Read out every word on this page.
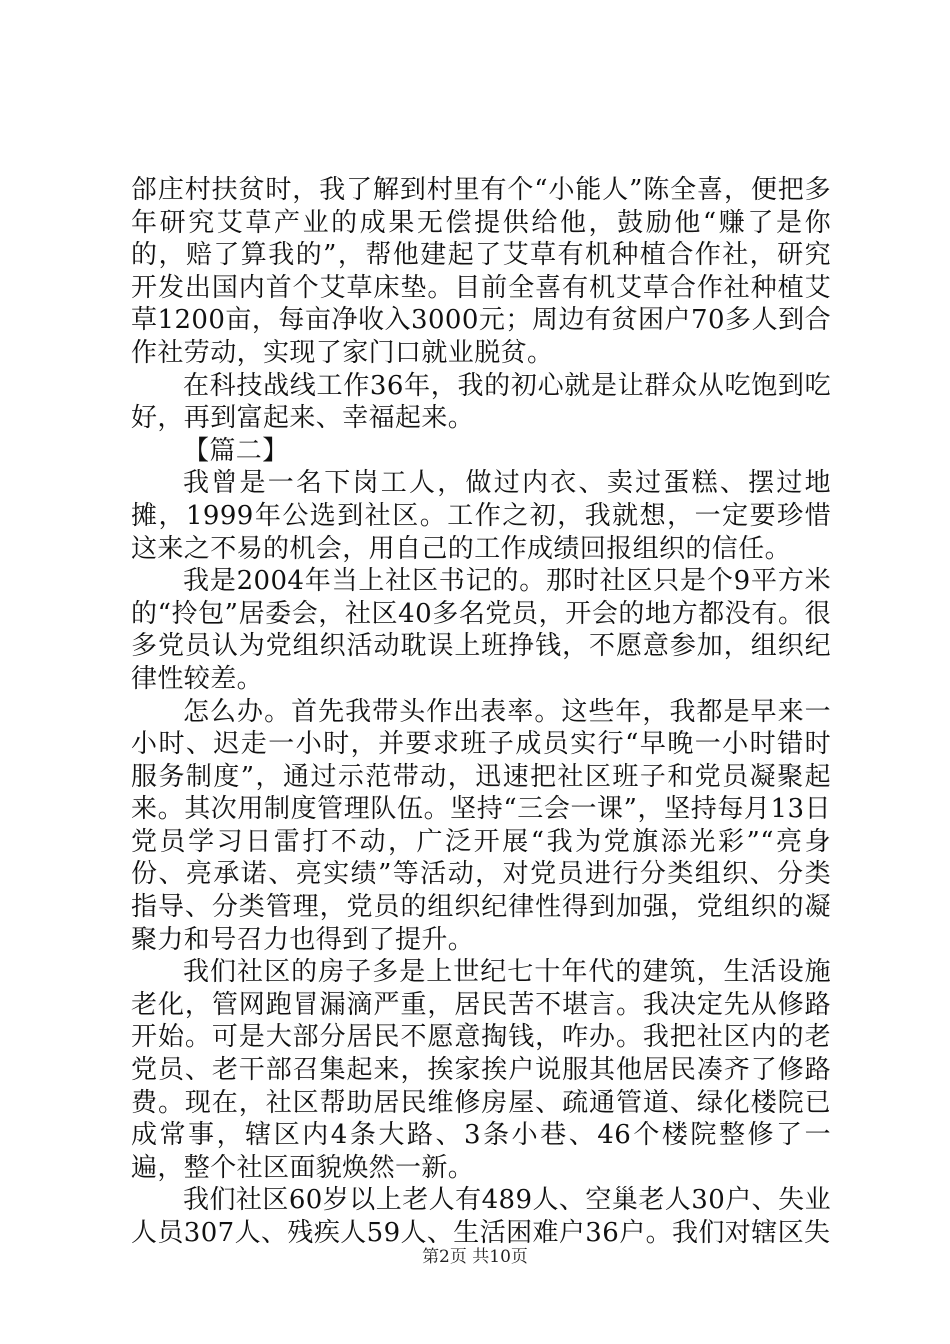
郃庄村扶贫时，我了解到村里有个“小能人”陈全喜，便把多年研究艾草产业的成果无偿提供给他，鼓励他“赚了是你的，赔了算我的”，帮他建起了艾草有机种植合作社，研究开发出国内首个艾草床垫。目前全喜有机艾草合作社种植艾草1200亩，每亩净收入3000元；周边有贫困户70多人到合作社劳动，实现了家门口就业脱贫。

在科技战线工作36年，我的初心就是让群众从吃饱到吃好，再到富起来、幸福起来。

【篇二】

我曾是一名下岗工人，做过内衣、卖过蛋糕、摆过地摊，1999年公选到社区。工作之初，我就想，一定要珍惜这来之不易的机会，用自己的工作成绩回报组织的信任。

我是2004年当上社区书记的。那时社区只是个9平方米的“拎包”居委会，社区40多名党员，开会的地方都没有。很多党员认为党组织活动耽误上班挣钱，不愿意参加，组织纪律性较差。

怎么办。首先我带头作出表率。这些年，我都是早来一小时、迟走一小时，并要求班子成员实行“早晚一小时错时服务制度”，通过示范带动，迅速把社区班子和党员凝聚起来。其次用制度管理队伍。坚持“三会一课”，坚持每月13日党员学习日雷打不动，广泛开展“我为党旗添光彩”“亮身份、亮承诺、亮实绩”等活动，对党员进行分类组织、分类指导、分类管理，党员的组织纪律性得到加强，党组织的凝聚力和号召力也得到了提升。

我们社区的房子多是上世纪七十年代的建筑，生活设施老化，管网跑冒漏滴严重，居民苦不堪言。我决定先从修路开始。可是大部分居民不愿意掏钱，咋办。我把社区内的老党员、老干部召集起来，挨家挨户说服其他居民凑齐了修路费。现在，社区帮助居民维修房屋、疏通管道、绿化楼院已成常事，辖区内4条大路、3条小巷、46个楼院整修了一遍，整个社区面貌焕然一新。

我们社区60岁以上老人有489人、空巢老人30户、失业人员307人、残疾人59人、生活困难户36户。我们对辖区失

第2页 共10页
